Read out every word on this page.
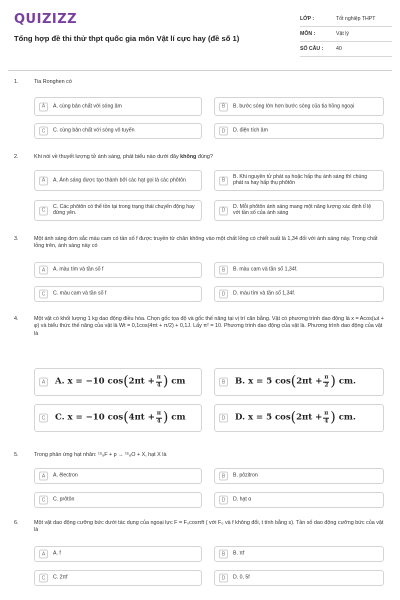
QUIZIZZ
Tổng hợp đề thi thử thpt quốc gia môn Vật lí cực hay (đề số 1)
LỚP :	Tốt nghiệp THPT
MÔN :	Vật lý
SỐ CÂU :	40
1.	Tia Ronghen có
A	A. cùng bản chất với sóng âm	B	B. bước sóng lớn hơn bước sóng của tia hồng ngoại
C	C. cùng bản chất với sóng vô tuyến	D	D. điện tích âm
2.	Khi nói về thuyết lượng tử ánh sáng, phát biểu nào dưới đây không đúng?
A	A. Ánh sáng được tạo thành bởi các hạt gọi là các phôtôn	B
B. Khi nguyên tử phát xạ hoặc hấp thụ ánh sáng thì chúng phát ra hay hấp thụ phôtôn
C
C. Các phôtôn có thể tồn tại trong trạng thái chuyển động hay đứng yên.	D
D. Mỗi phôtôn ánh sáng mang một năng lượng xác định tỉ lệ với tần số của ánh sáng
3.	Một ánh sáng đơn sắc màu cam có tần số f được truyền từ chân không vào một chất lỏng có chiết suất là 1,34 đối với ánh sáng này. Trong chất lỏng trên, ánh sáng này có
A	A. màu tím và tần số f	B	B. màu cam và tần số 1,34f.
C	C. màu cam và tần số f	D	D. màu tím và tần số 1,34f.
4.	Một vật có khối lượng 1 kg dao động điều hòa. Chọn gốc tọa độ và gốc thế năng tại vị trí cân bằng. Vật có phương trình dao động là x = Acos(ωt + φ) và biểu thức thế năng của vật là Wt = 0,1cos(4πt + π/2) + 0,1J. Lấy π² = 10. Phương trình dao động của vật là. Phương trình dao động của vật là
A	A.
x = −10 cos ( $2\pi t + \frac{\pi}{4}$ )
cm	B	B.
x = 5 cos ( $2\pi t + \frac{\pi}{2}$ )
cm.
C	C.
x = −10 cos ( $4\pi t + \frac{\pi}{4}$ )
cm	D	D.
x = 5 cos ( $2\pi t + \frac{\pi}{4}$ )
cm.
5.	Trong phản ứng hạt nhân: ¹⁹₉F + p → ¹⁶₈O + X, hạt X là
A	A. êlectron	B	B. pôzitron
C	C. prôtôn	D	D. hạt α
6.	Một vật dao động cưỡng bức dưới tác dụng của ngoại lực F = F₀cosπft ( với F₀ và f không đổi, t tính bằng s). Tần số dao động cưỡng bức của vật là
A	A. f	B	B. πf
C	C. 2πf	D	D. 0, 5f
